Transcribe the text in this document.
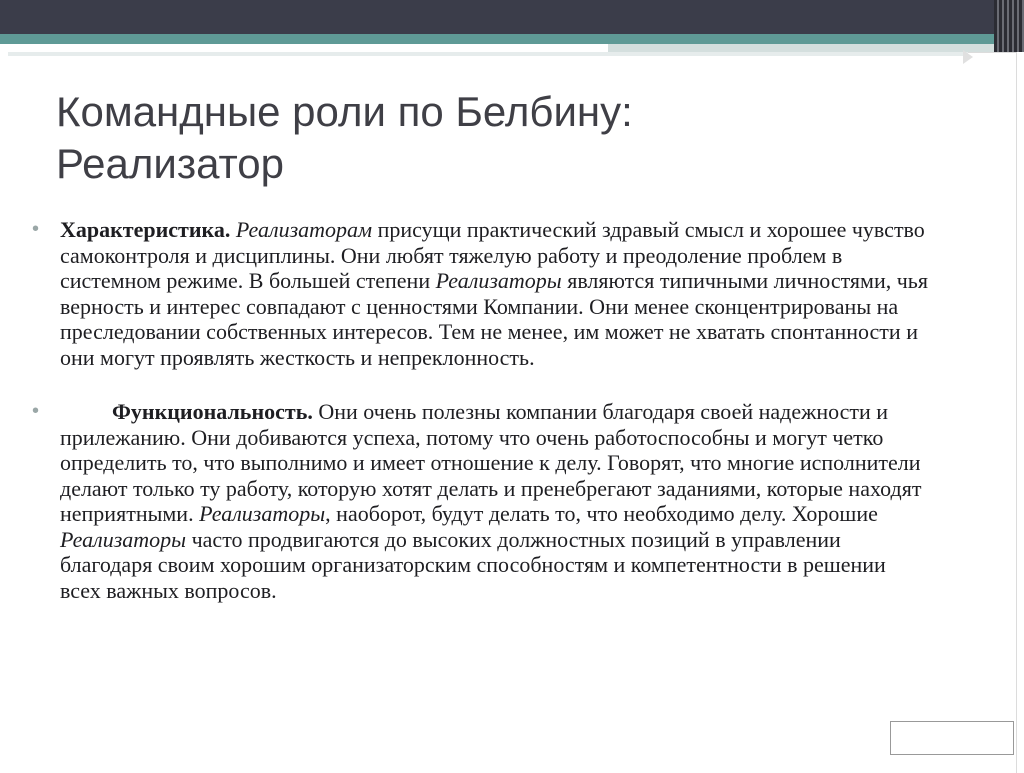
Командные роли по Белбину:
Реализатор

• Характеристика. Реализаторам присущи практический здравый смысл и хорошее чувство самоконтроля и дисциплины. Они любят тяжелую работу и преодоление проблем в системном режиме. В большей степени Реализаторы являются типичными личностями, чья верность и интерес совпадают с ценностями Компании. Они менее сконцентрированы на преследовании собственных интересов. Тем не менее, им может не хватать спонтанности и они могут проявлять жесткость и непреклонность.

•	Функциональность. Они очень полезны компании благодаря своей надежности и прилежанию. Они добиваются успеха, потому что очень работоспособны и могут четко определить то, что выполнимо и имеет отношение к делу. Говорят, что многие исполнители делают только ту работу, которую хотят делать и пренебрегают заданиями, которые находят неприятными. Реализаторы, наоборот, будут делать то, что необходимо делу. Хорошие Реализаторы часто продвигаются до высоких должностных позиций в управлении благодаря своим хорошим организаторским способностям и компетентности в решении всех важных вопросов.
